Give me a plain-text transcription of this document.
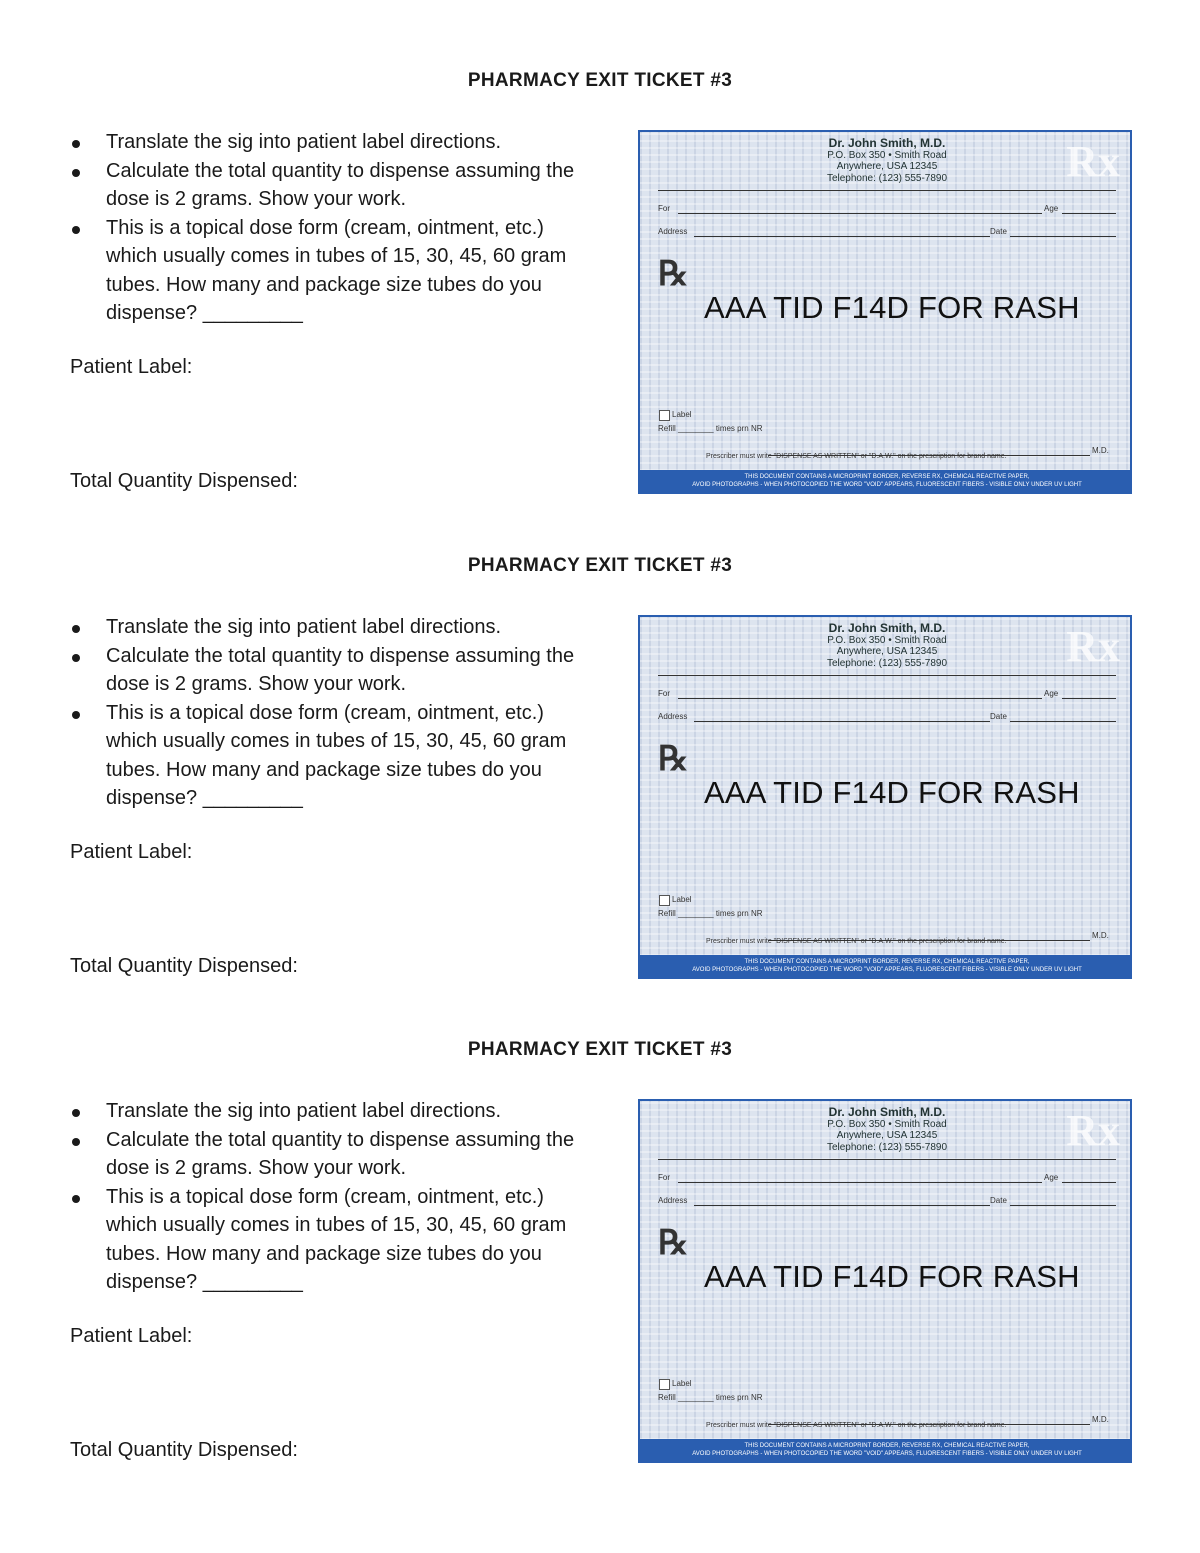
PHARMACY EXIT TICKET #3
Translate the sig into patient label directions.
Calculate the total quantity to dispense assuming the dose is 2 grams. Show your work.
This is a topical dose form (cream, ointment, etc.) which usually comes in tubes of 15, 30, 45, 60 gram tubes. How many and package size tubes do you dispense? _________
Patient Label:
Total Quantity Dispensed:
Rx
Dr. John Smith, M.D.
P.O. Box 350 • Smith Road
Anywhere, USA 12345
Telephone: (123) 555-7890
For	Age
Address	Date
℞
AAA TID F14D FOR RASH
Label
Refill ________ times prn NR
M.D.
Prescriber must write "DISPENSE AS WRITTEN" or "D.A.W." on the prescription for brand name.
THIS DOCUMENT CONTAINS A MICROPRINT BORDER, REVERSE RX, CHEMICAL REACTIVE PAPER,
AVOID PHOTOGRAPHS - WHEN PHOTOCOPIED THE WORD "VOID" APPEARS, FLUORESCENT FIBERS - VISIBLE ONLY UNDER UV LIGHT
PHARMACY EXIT TICKET #3
Translate the sig into patient label directions.
Calculate the total quantity to dispense assuming the dose is 2 grams. Show your work.
This is a topical dose form (cream, ointment, etc.) which usually comes in tubes of 15, 30, 45, 60 gram tubes. How many and package size tubes do you dispense? _________
Patient Label:
Total Quantity Dispensed:
Rx
Dr. John Smith, M.D.
P.O. Box 350 • Smith Road
Anywhere, USA 12345
Telephone: (123) 555-7890
For	Age
Address	Date
℞
AAA TID F14D FOR RASH
Label
Refill ________ times prn NR
M.D.
Prescriber must write "DISPENSE AS WRITTEN" or "D.A.W." on the prescription for brand name.
THIS DOCUMENT CONTAINS A MICROPRINT BORDER, REVERSE RX, CHEMICAL REACTIVE PAPER,
AVOID PHOTOGRAPHS - WHEN PHOTOCOPIED THE WORD "VOID" APPEARS, FLUORESCENT FIBERS - VISIBLE ONLY UNDER UV LIGHT
PHARMACY EXIT TICKET #3
Translate the sig into patient label directions.
Calculate the total quantity to dispense assuming the dose is 2 grams. Show your work.
This is a topical dose form (cream, ointment, etc.) which usually comes in tubes of 15, 30, 45, 60 gram tubes. How many and package size tubes do you dispense? _________
Patient Label:
Total Quantity Dispensed:
Rx
Dr. John Smith, M.D.
P.O. Box 350 • Smith Road
Anywhere, USA 12345
Telephone: (123) 555-7890
For	Age
Address	Date
℞
AAA TID F14D FOR RASH
Label
Refill ________ times prn NR
M.D.
Prescriber must write "DISPENSE AS WRITTEN" or "D.A.W." on the prescription for brand name.
THIS DOCUMENT CONTAINS A MICROPRINT BORDER, REVERSE RX, CHEMICAL REACTIVE PAPER,
AVOID PHOTOGRAPHS - WHEN PHOTOCOPIED THE WORD "VOID" APPEARS, FLUORESCENT FIBERS - VISIBLE ONLY UNDER UV LIGHT
